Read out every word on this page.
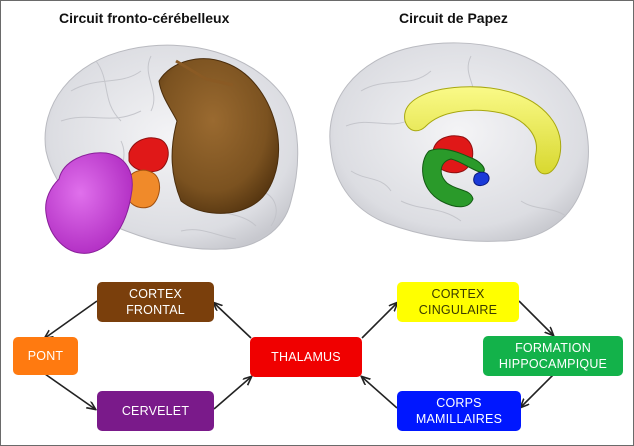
Circuit fronto-cérébelleux	Circuit de Papez
CORTEX
FRONTAL
PONT
CERVELET
THALAMUS
CORTEX
CINGULAIRE
FORMATION
HIPPOCAMPIQUE
CORPS
MAMILLAIRES
